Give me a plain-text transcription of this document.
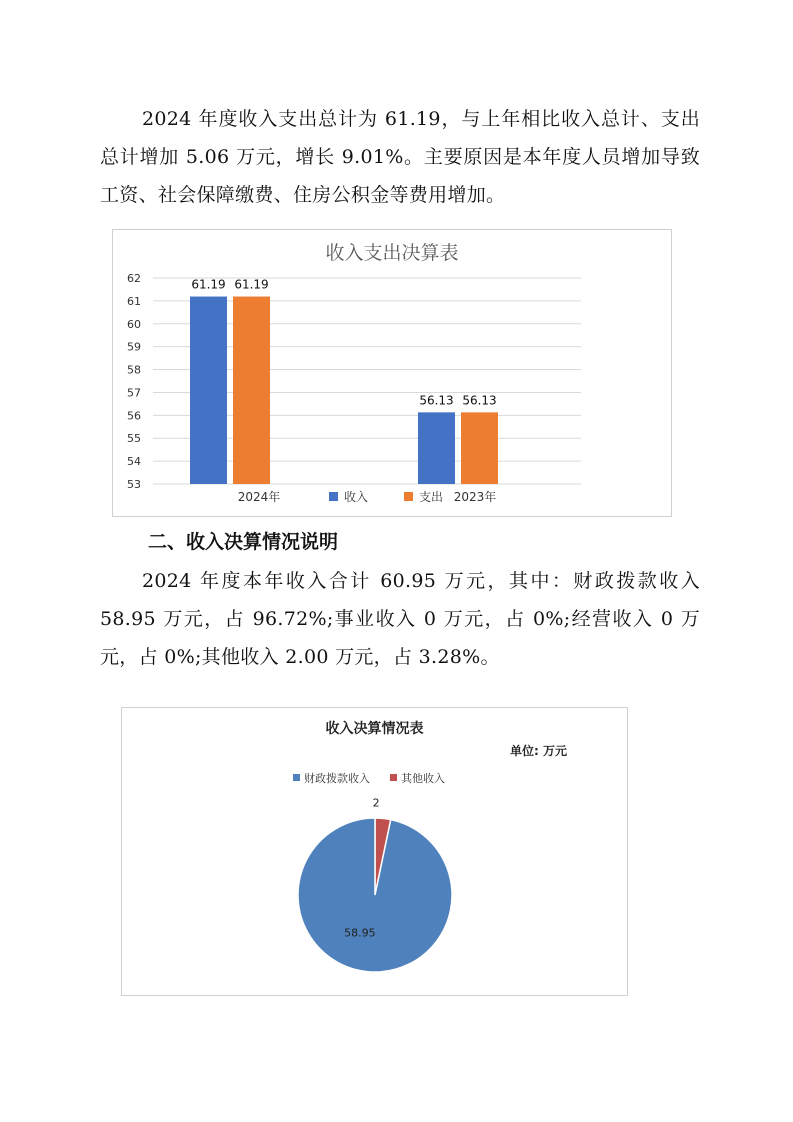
2024 年度收入支出总计为 61.19，与上年相比收入总计、支出总计增加 5.06 万元，增长 9.01%。主要原因是本年度人员增加导致工资、社会保障缴费、住房公积金等费用增加。
收入支出决算表
53
54
55
56
57
58
59
60
61
62	61.19 61.19
56.13 56.13
2024年	2023年
收入	支出
二、收入决算情况说明
2024 年度本年收入合计 60.95 万元，其中：财政拨款收入 58.95 万元，占 96.72%;事业收入 0 万元，占 0%;经营收入 0 万元，占 0%;其他收入 2.00 万元，占 3.28%。
收入决算情况表
单位: 万元
财政拨款收入	其他收入
2
58.95
